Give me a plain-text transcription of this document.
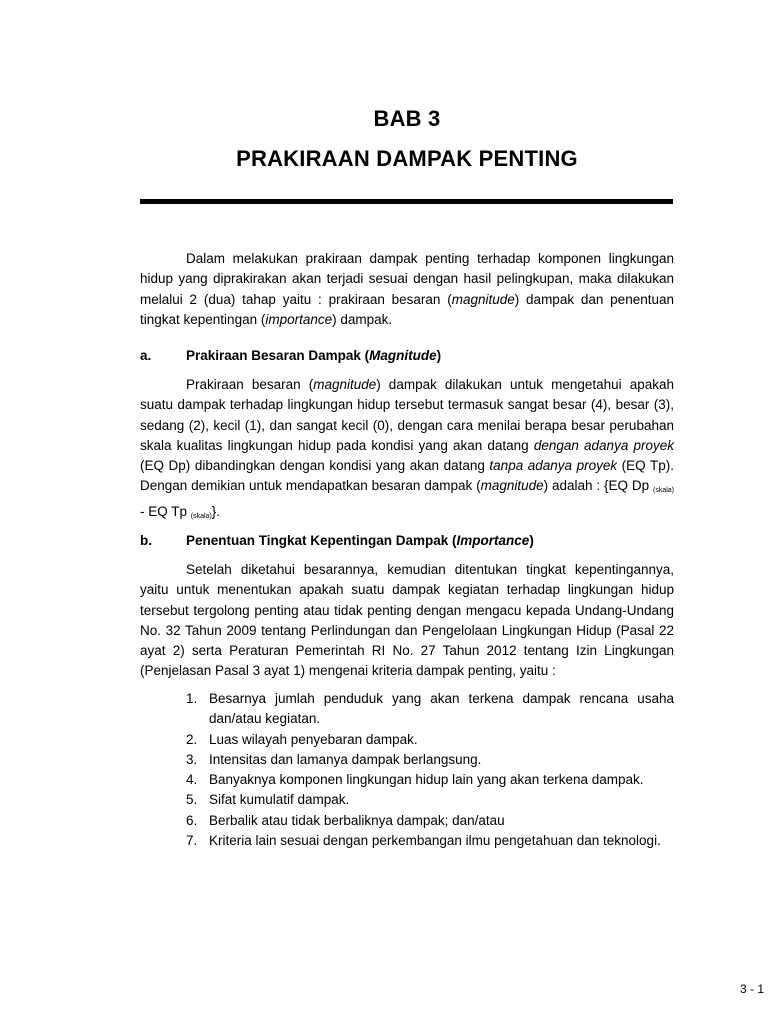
BAB 3
PRAKIRAAN DAMPAK PENTING
Dalam melakukan prakiraan dampak penting terhadap komponen lingkungan hidup yang diprakirakan akan terjadi sesuai dengan hasil pelingkupan, maka dilakukan melalui 2 (dua) tahap yaitu : prakiraan besaran (magnitude) dampak dan penentuan tingkat kepentingan (importance) dampak.
a.	Prakiraan Besaran Dampak (Magnitude)
Prakiraan besaran (magnitude) dampak dilakukan untuk mengetahui apakah suatu dampak terhadap lingkungan hidup tersebut termasuk sangat besar (4), besar (3), sedang (2), kecil (1), dan sangat kecil (0), dengan cara menilai berapa besar perubahan skala kualitas lingkungan hidup pada kondisi yang akan datang dengan adanya proyek (EQ Dp) dibandingkan dengan kondisi yang akan datang tanpa adanya proyek (EQ Tp). Dengan demikian untuk mendapatkan besaran dampak (magnitude) adalah : {EQ Dp $_{(skala)}$ - EQ Tp $_{(skala)}$}.
b.	Penentuan Tingkat Kepentingan Dampak (Importance)
Setelah diketahui besarannya, kemudian ditentukan tingkat kepentingannya, yaitu untuk menentukan apakah suatu dampak kegiatan terhadap lingkungan hidup tersebut tergolong penting atau tidak penting dengan mengacu kepada Undang-Undang No. 32 Tahun 2009 tentang Perlindungan dan Pengelolaan Lingkungan Hidup (Pasal 22 ayat 2) serta Peraturan Pemerintah RI No. 27 Tahun 2012 tentang Izin Lingkungan (Penjelasan Pasal 3 ayat 1) mengenai kriteria dampak penting, yaitu :
1. Besarnya jumlah penduduk yang akan terkena dampak rencana usaha dan/atau kegiatan.
2. Luas wilayah penyebaran dampak.
3. Intensitas dan lamanya dampak berlangsung.
4. Banyaknya komponen lingkungan hidup lain yang akan terkena dampak.
5. Sifat kumulatif dampak.
6. Berbalik atau tidak berbaliknya dampak; dan/atau
7. Kriteria lain sesuai dengan perkembangan ilmu pengetahuan dan teknologi.
3 - 1
